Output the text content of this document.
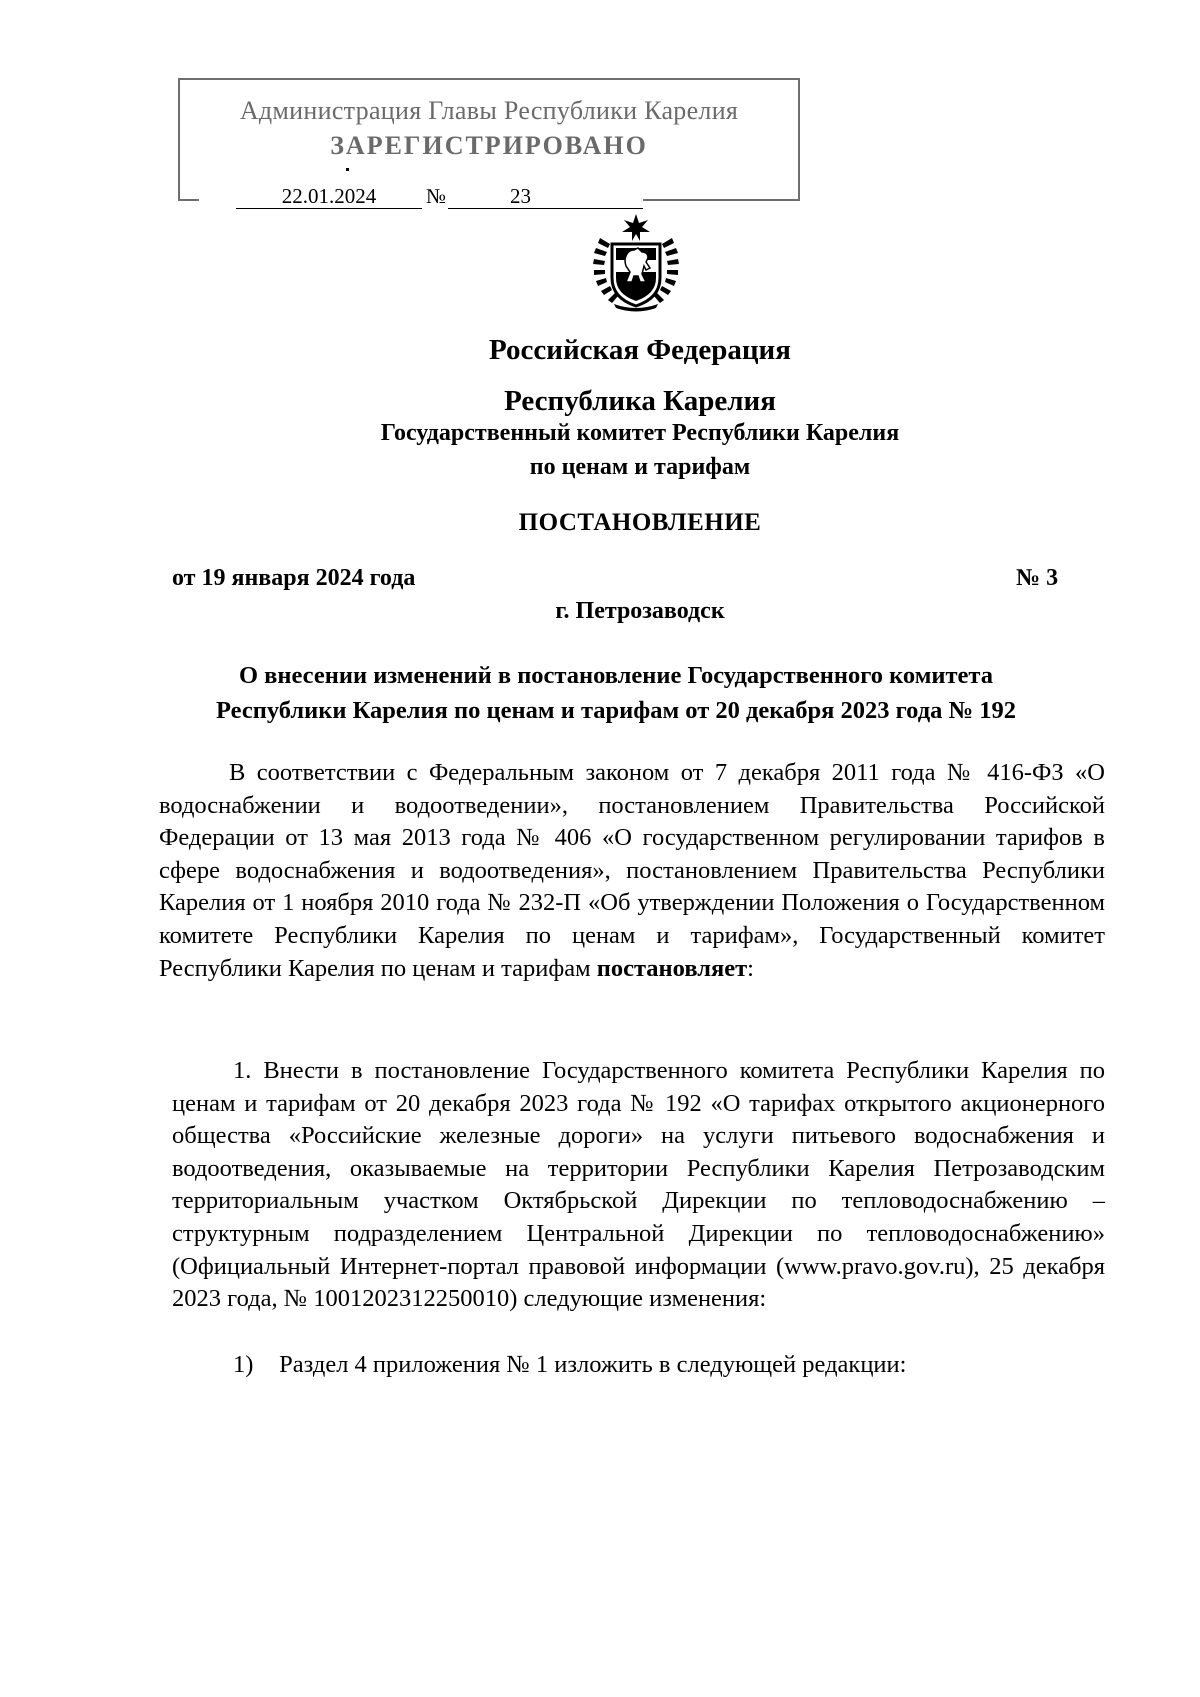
Администрация Главы Республики Карелия
ЗАРЕГИСТРИРОВАНО
22.01.2024	№	23
Российская Федерация
Республика Карелия
Государственный комитет Республики Карелия
по ценам и тарифам
ПОСТАНОВЛЕНИЕ
от 19 января 2024 года	№ 3
г. Петрозаводск
О внесении изменений в постановление Государственного комитета
Республики Карелия по ценам и тарифам от 20 декабря 2023 года № 192
В соответствии с Федеральным законом от 7 декабря 2011 года № 416-ФЗ «О водоснабжении и водоотведении», постановлением Правительства Российской Федерации от 13 мая 2013 года № 406 «О государственном регулировании тарифов в сфере водоснабжения и водоотведения», постановлением Правительства Республики Карелия от 1 ноября 2010 года № 232-П «Об утверждении Положения о Государственном комитете Республики Карелия по ценам и тарифам», Государственный комитет Республики Карелия по ценам и тарифам постановляет:
1. Внести в постановление Государственного комитета Республики Карелия по ценам и тарифам от 20 декабря 2023 года № 192 «О тарифах открытого акционерного общества «Российские железные дороги» на услуги питьевого водоснабжения и водоотведения, оказываемые на территории Республики Карелия Петрозаводским территориальным участком Октябрьской Дирекции по тепловодоснабжению – структурным подразделением Центральной Дирекции по тепловодоснабжению» (Официальный Интернет-портал правовой информации (www.pravo.gov.ru), 25 декабря 2023 года, № 1001202312250010) следующие изменения:
1) Раздел 4 приложения № 1 изложить в следующей редакции:
